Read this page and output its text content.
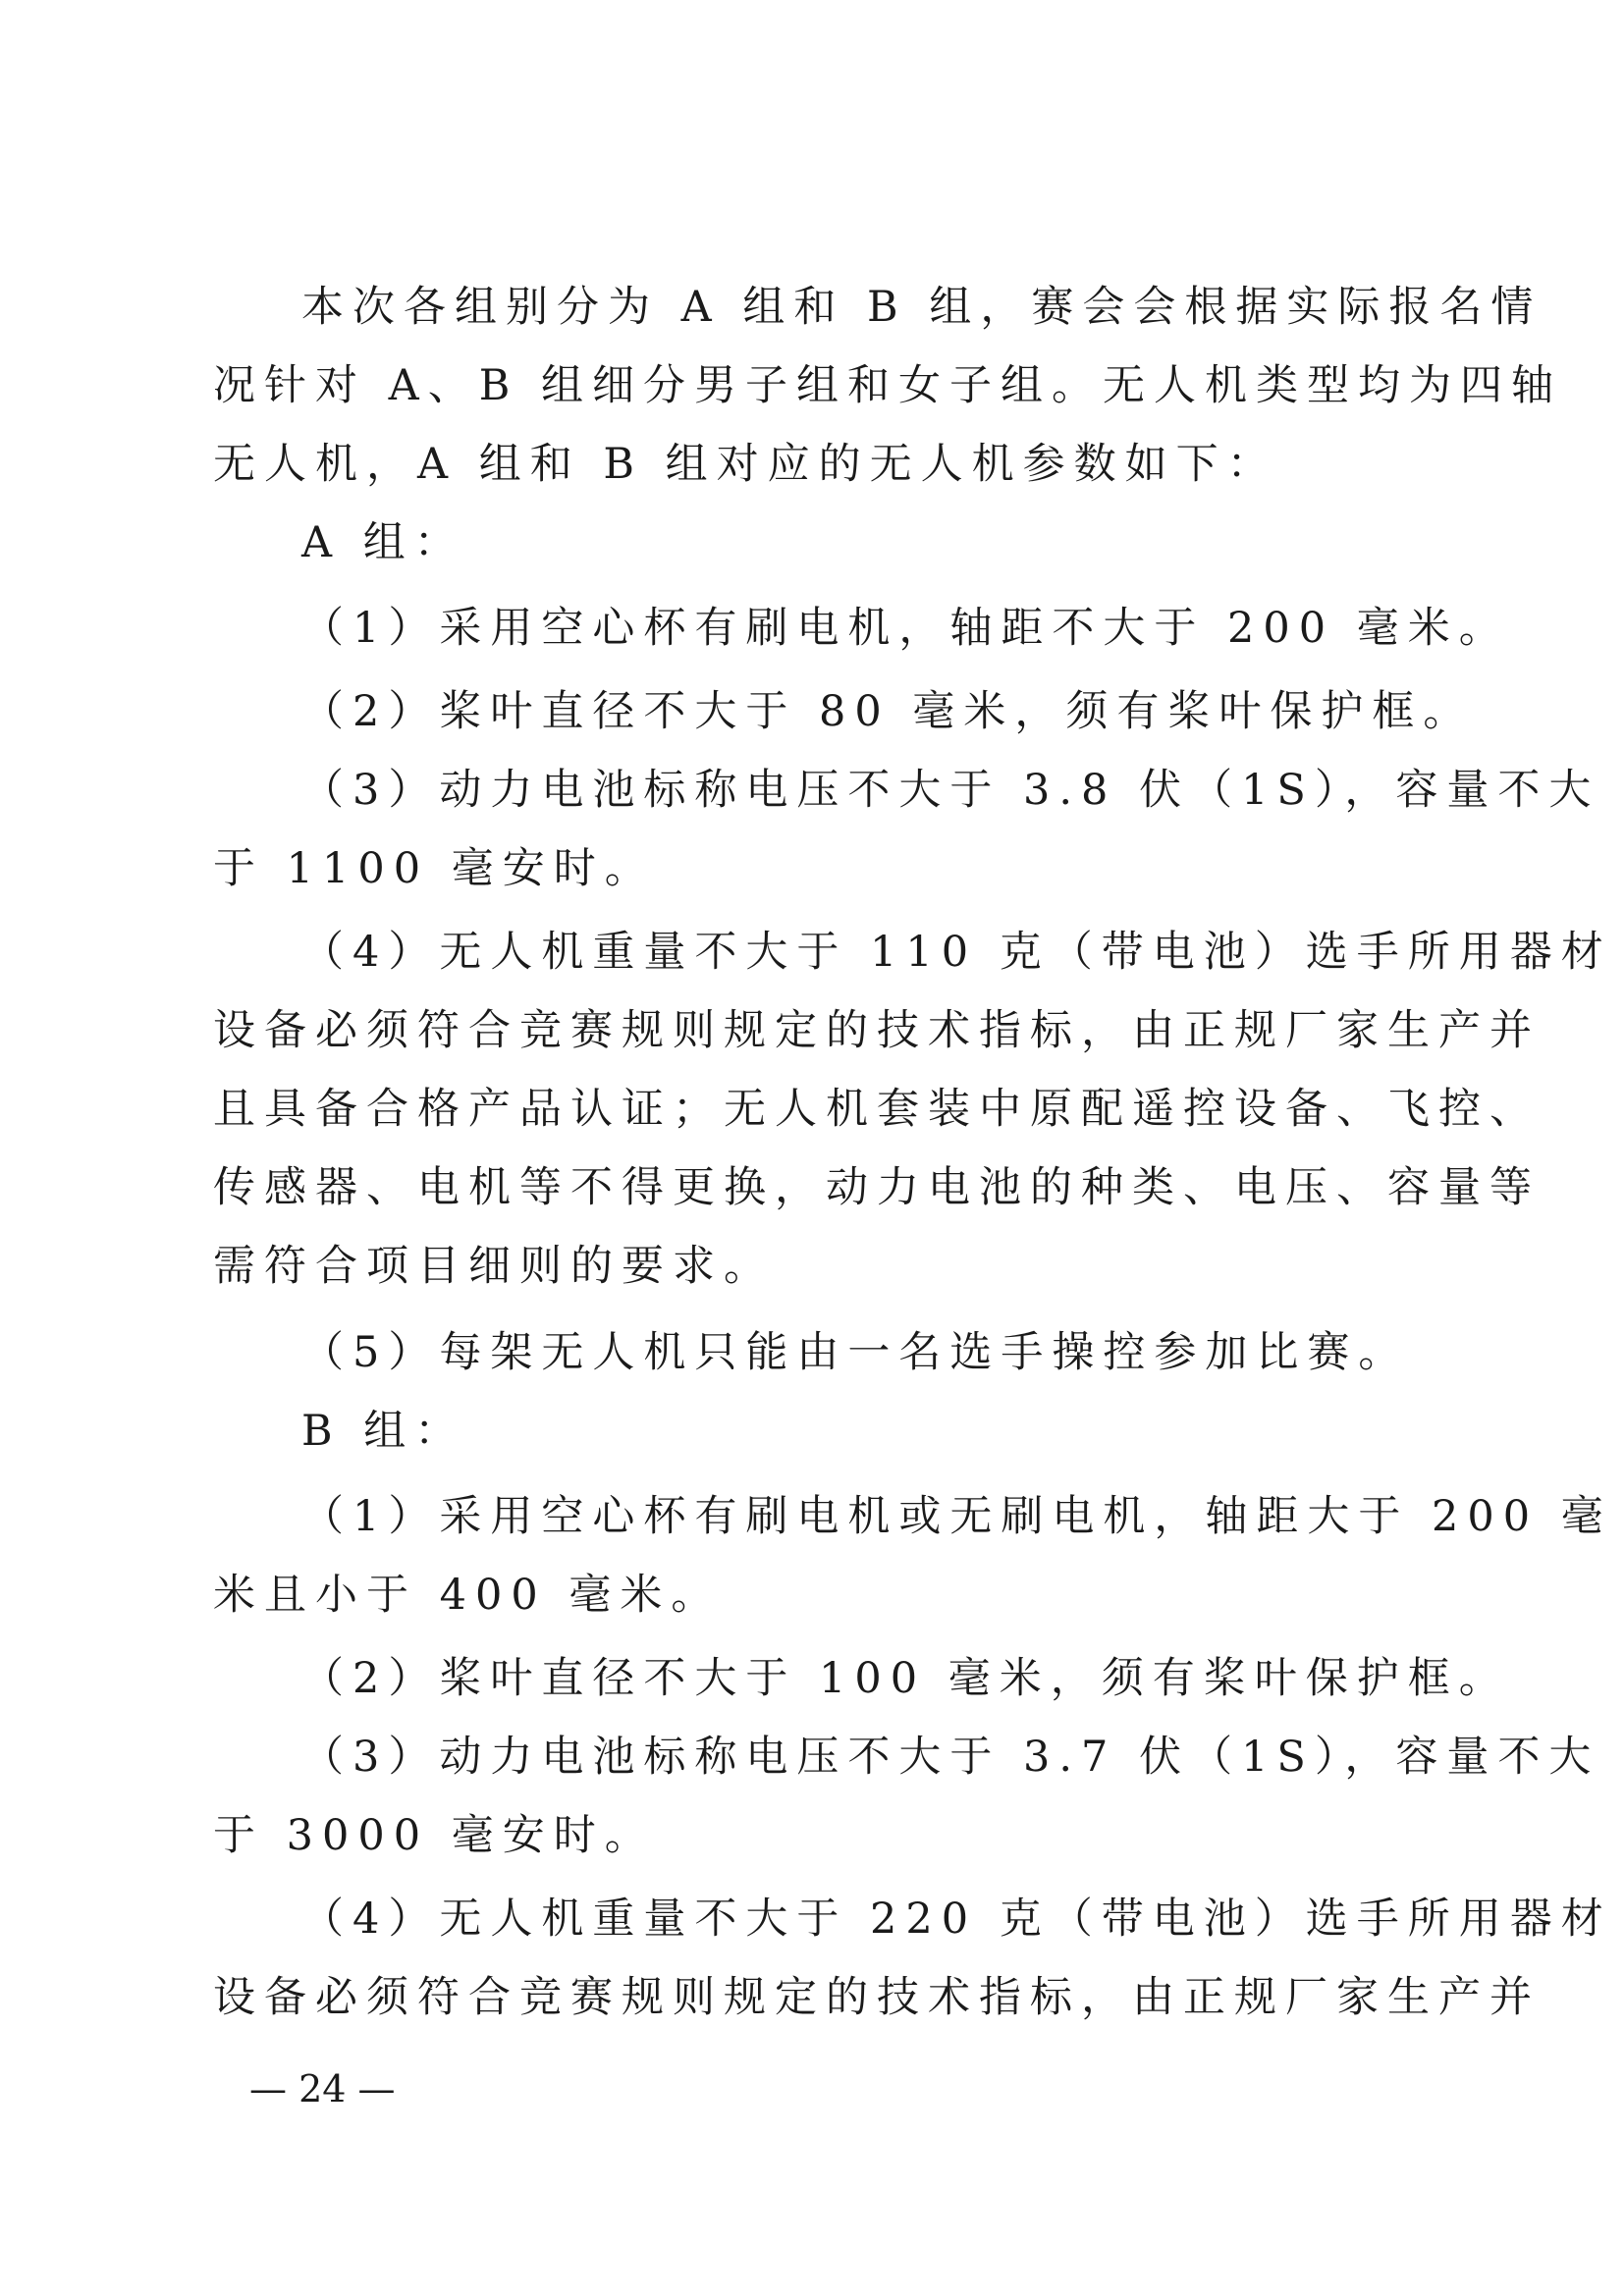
本次各组别分为 A 组和 B 组，赛会会根据实际报名情
况针对 A、B 组细分男子组和女子组。无人机类型均为四轴
无人机，A 组和 B 组对应的无人机参数如下：
A 组：
（1）采用空心杯有刷电机，轴距不大于 200 毫米。
（2）桨叶直径不大于 80 毫米，须有桨叶保护框。
（3）动力电池标称电压不大于 3.8 伏（1S），容量不大
于 1100 毫安时。
（4）无人机重量不大于 110 克（带电池）选手所用器材
设备必须符合竞赛规则规定的技术指标，由正规厂家生产并
且具备合格产品认证；无人机套装中原配遥控设备、飞控、
传感器、电机等不得更换，动力电池的种类、电压、容量等
需符合项目细则的要求。
（5）每架无人机只能由一名选手操控参加比赛。
B 组：
（1）采用空心杯有刷电机或无刷电机，轴距大于 200 毫
米且小于 400 毫米。
（2）桨叶直径不大于 100 毫米，须有桨叶保护框。
（3）动力电池标称电压不大于 3.7 伏（1S），容量不大
于 3000 毫安时。
（4）无人机重量不大于 220 克（带电池）选手所用器材
设备必须符合竞赛规则规定的技术指标，由正规厂家生产并
— 24 —
